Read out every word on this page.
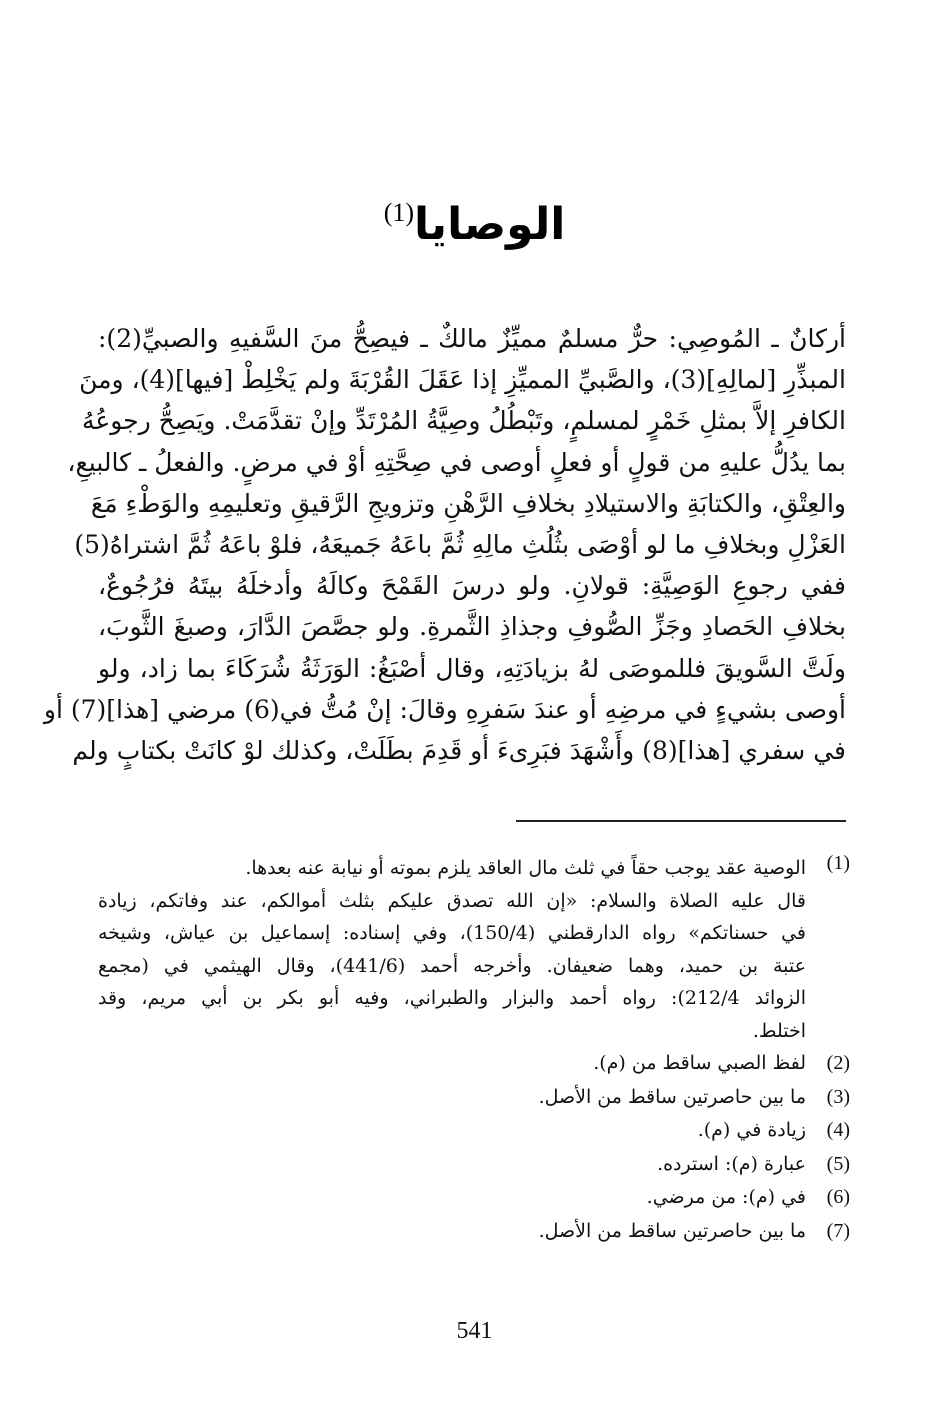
الوصايا$^{(1)}$
أركانٌ ـ المُوصِي: حرٌّ مسلمٌ مميِّزٌ مالكٌ ـ فيصِحُّ منَ السَّفيهِ والصبيِّ(2):
المبذِّرِ [لمالِهِ](3)، والصَّبيِّ المميِّزِ إذا عَقَلَ القُرْبَةَ ولم يَخْلِطْ [فيها](4)، ومنَ
الكافرِ إلاَّ بمثلِ خَمْرٍ لمسلمٍ، وتَبْطُلُ وصِيَّةُ المُرْتَدِّ وإنْ تقدَّمَتْ. ويَصِحُّ رجوعُهُ
بما يدُلُّ عليهِ من قولٍ أو فعلٍ أوصى في صِحَّتِهِ أوْ في مرضٍ. والفعلُ ـ كالبيعِ،
والعِتْقِ، والكتابَةِ والاستيلادِ بخلافِ الرَّهْنِ وتزويجِ الرَّقيقِ وتعليمِهِ والوَطْءِ مَعَ
العَزْلِ وبخلافِ ما لو أوْصَى بثُلُثِ مالِهِ ثُمَّ باعَهُ جَميعَهُ، فلوْ باعَهُ ثُمَّ اشتراهُ(5)
ففي رجوعِ الوَصِيَّةِ: قولانِ. ولو درسَ القَمْحَ وكالَهُ وأدخلَهُ بيتَهُ فرُجُوعٌ،
بخلافِ الحَصادِ وجَزِّ الصُّوفِ وجذاذِ الثَّمرةِ. ولو جصَّصَ الدَّارَ، وصبغَ الثَّوبَ،
ولَتَّ السَّويقَ فللموصَى لهُ بزيادَتِهِ، وقال أصْبَغُ: الوَرَثَةُ شُرَكَاءَ بما زاد، ولو
أوصى بشيءٍ في مرضِهِ أو عندَ سَفرِهِ وقالَ: إنْ مُتُّ في(6) مرضي [هذا](7) أو
في سفري [هذا](8) وأَشْهَدَ فبَرِىءَ أو قَدِمَ بطَلَتْ، وكذلك لوْ كانَتْ بكتابٍ ولم
(1)
الوصية عقد يوجب حقاً في ثلث مال العاقد يلزم بموته أو نيابة عنه بعدها.
قال عليه الصلاة والسلام: «إن الله تصدق عليكم بثلث أموالكم، عند وفاتكم، زيادة
في حسناتكم» رواه الدارقطني (150/4)، وفي إسناده: إسماعيل بن عياش، وشيخه
عتبة بن حميد، وهما ضعيفان. وأخرجه أحمد (441/6)، وقال الهيثمي في (مجمع
الزوائد 212/4): رواه أحمد والبزار والطبراني، وفيه أبو بكر بن أبي مريم، وقد
اختلط.
(2)
لفظ الصبي ساقط من (م).
(3)
ما بين حاصرتين ساقط من الأصل.
(4)
زيادة في (م).
(5)
عبارة (م): استرده.
(6)
في (م): من مرضي.
(7)
ما بين حاصرتين ساقط من الأصل.
541
